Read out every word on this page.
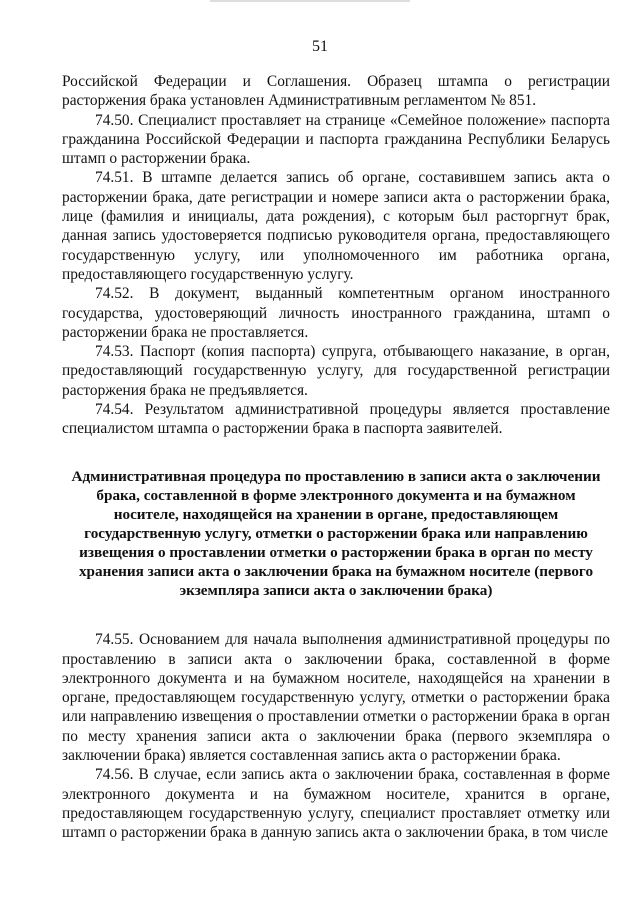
51

Российской Федерации и Соглашения. Образец штампа о регистрации расторжения брака установлен Административным регламентом № 851.

74.50. Специалист проставляет на странице «Семейное положение» паспорта гражданина Российской Федерации и паспорта гражданина Республики Беларусь штамп о расторжении брака.

74.51. В штампе делается запись об органе, составившем запись акта о расторжении брака, дате регистрации и номере записи акта о расторжении брака, лице (фамилия и инициалы, дата рождения), с которым был расторгнут брак, данная запись удостоверяется подписью руководителя органа, предоставляющего государственную услугу, или уполномоченного им работника органа, предоставляющего государственную услугу.

74.52. В документ, выданный компетентным органом иностранного государства, удостоверяющий личность иностранного гражданина, штамп о расторжении брака не проставляется.

74.53. Паспорт (копия паспорта) супруга, отбывающего наказание, в орган, предоставляющий государственную услугу, для государственной регистрации расторжения брака не предъявляется.

74.54. Результатом административной процедуры является проставление специалистом штампа о расторжении брака в паспорта заявителей.

Административная процедура по проставлению в записи акта о заключении брака, составленной в форме электронного документа и на бумажном носителе, находящейся на хранении в органе, предоставляющем государственную услугу, отметки о расторжении брака или направлению извещения о проставлении отметки о расторжении брака в орган по месту хранения записи акта о заключении брака на бумажном носителе (первого экземпляра записи акта о заключении брака)

74.55. Основанием для начала выполнения административной процедуры по проставлению в записи акта о заключении брака, составленной в форме электронного документа и на бумажном носителе, находящейся на хранении в органе, предоставляющем государственную услугу, отметки о расторжении брака или направлению извещения о проставлении отметки о расторжении брака в орган по месту хранения записи акта о заключении брака (первого экземпляра о заключении брака) является составленная запись акта о расторжении брака.

74.56. В случае, если запись акта о заключении брака, составленная в форме электронного документа и на бумажном носителе, хранится в органе, предоставляющем государственную услугу, специалист проставляет отметку или штамп о расторжении брака в данную запись акта о заключении брака, в том числе
